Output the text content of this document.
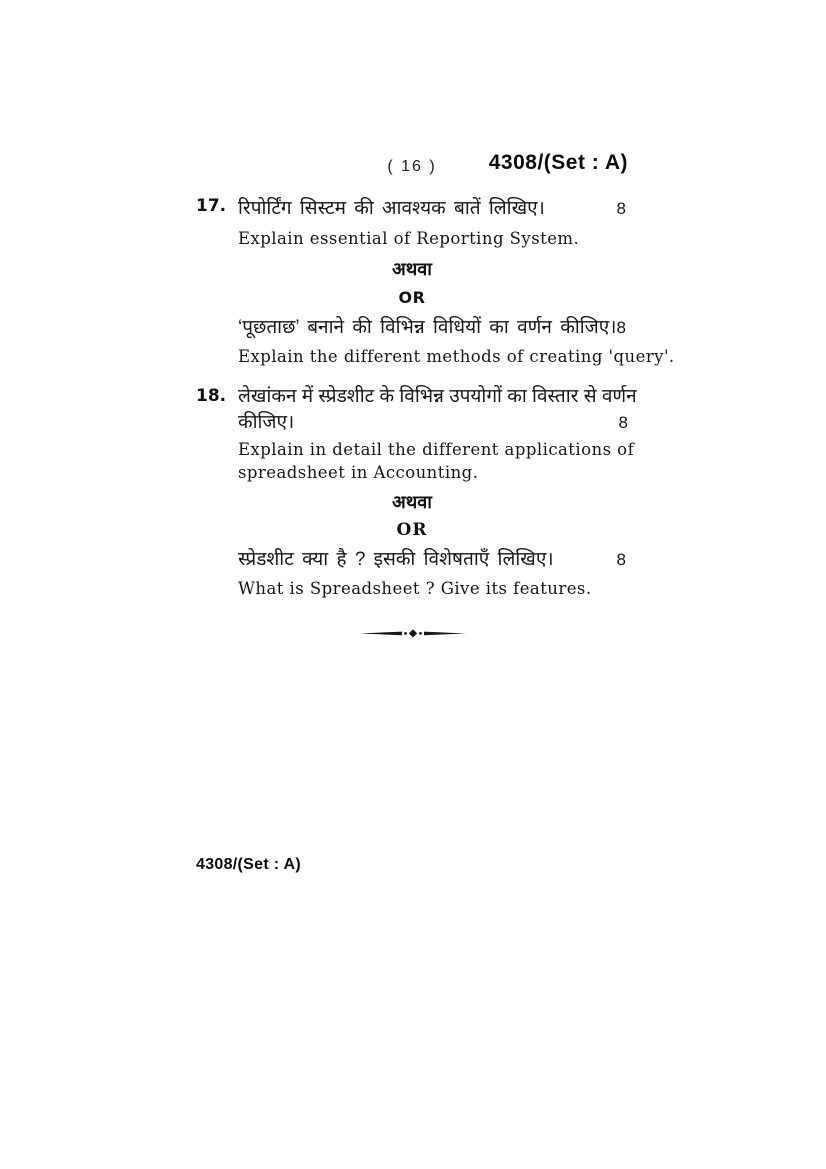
( 16 )	4308/(Set : A)
17. रिपोर्टिंग सिस्टम की आवश्यक बातें लिखिए।	8
Explain essential of Reporting System.
अथवा
OR
‘पूछताछ’ बनाने की विभिन्न विधियों का वर्णन कीजिए। 8
Explain the different methods of creating 'query'.
18. लेखांकन में स्प्रेडशीट के विभिन्न उपयोगों का विस्तार से वर्णन
कीजिए।	8
Explain in detail the different applications of
spreadsheet in Accounting.
अथवा
OR
स्प्रेडशीट क्या है ? इसकी विशेषताएँ लिखिए।	8
What is Spreadsheet ? Give its features.
4308/(Set : A)
